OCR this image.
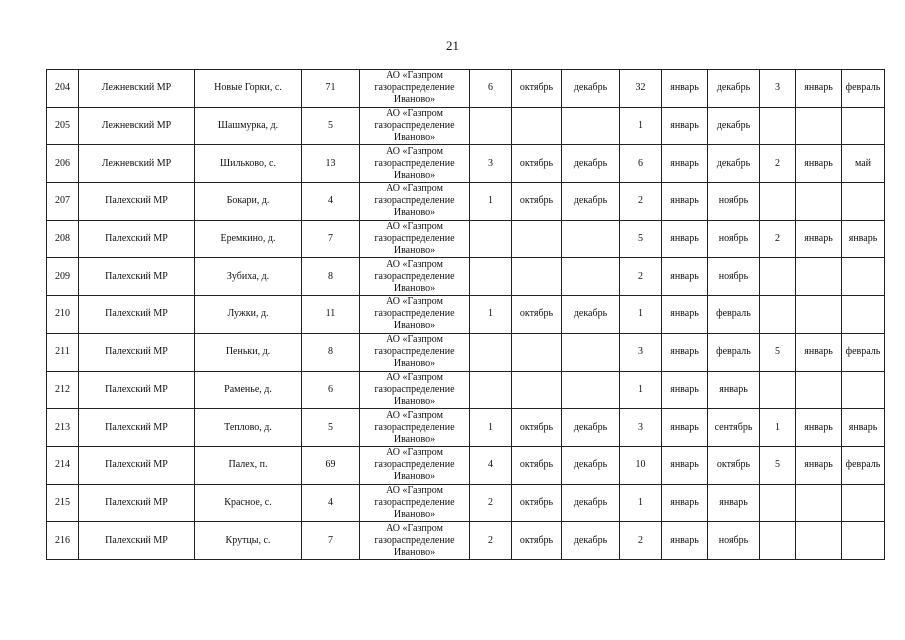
21
204	Лежневский МР	Новые Горки, с.	71	АО «Газпром газораспределение Иваново»	6	октябрь	декабрь	32	январь	декабрь	3	январь	февраль
205	Лежневский МР	Шашмурка, д.	5	АО «Газпром газораспределение Иваново»				1	январь	декабрь			
206	Лежневский МР	Шильково, с.	13	АО «Газпром газораспределение Иваново»	3	октябрь	декабрь	6	январь	декабрь	2	январь	май
207	Палехский МР	Бокари, д.	4	АО «Газпром газораспределение Иваново»	1	октябрь	декабрь	2	январь	ноябрь			
208	Палехский МР	Еремкино, д.	7	АО «Газпром газораспределение Иваново»				5	январь	ноябрь	2	январь	январь
209	Палехский МР	Зубиха, д.	8	АО «Газпром газораспределение Иваново»				2	январь	ноябрь			
210	Палехский МР	Лужки, д.	11	АО «Газпром газораспределение Иваново»	1	октябрь	декабрь	1	январь	февраль			
211	Палехский МР	Пеньки, д.	8	АО «Газпром газораспределение Иваново»				3	январь	февраль	5	январь	февраль
212	Палехский МР	Раменье, д.	6	АО «Газпром газораспределение Иваново»				1	январь	январь			
213	Палехский МР	Теплово, д.	5	АО «Газпром газораспределение Иваново»	1	октябрь	декабрь	3	январь	сентябрь	1	январь	январь
214	Палехский МР	Палех, п.	69	АО «Газпром газораспределение Иваново»	4	октябрь	декабрь	10	январь	октябрь	5	январь	февраль
215	Палехский МР	Красное, с.	4	АО «Газпром газораспределение Иваново»	2	октябрь	декабрь	1	январь	январь			
216	Палехский МР	Крутцы, с.	7	АО «Газпром газораспределение Иваново»	2	октябрь	декабрь	2	январь	ноябрь			
